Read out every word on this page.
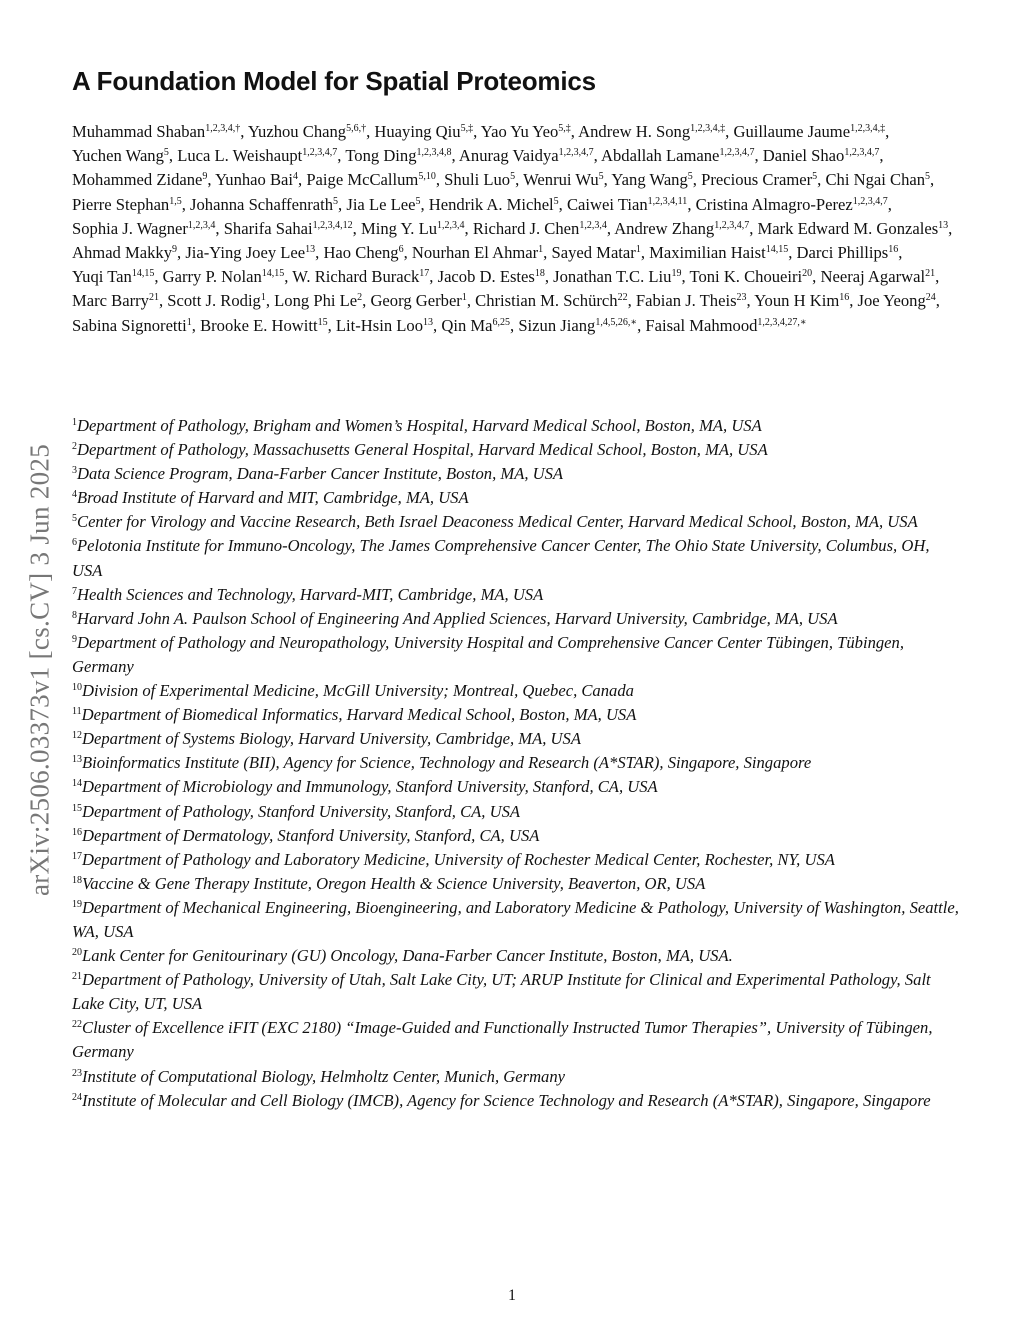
arXiv:2506.03373v1 [cs.CV] 3 Jun 2025
A Foundation Model for Spatial Proteomics
Muhammad Shaban$^{1,2,3,4,\dagger}$, Yuzhou Chang$^{5,6,\dagger}$, Huaying Qiu$^{5,\ddagger}$, Yao Yu Yeo$^{5,\ddagger}$, Andrew H. Song$^{1,2,3,4,\ddagger}$, Guillaume Jaume$^{1,2,3,4,\ddagger}$, Yuchen Wang$^5$, Luca L. Weishaupt$^{1,2,3,4,7}$, Tong Ding$^{1,2,3,4,8}$, Anurag Vaidya$^{1,2,3,4,7}$, Abdallah Lamane$^{1,2,3,4,7}$, Daniel Shao$^{1,2,3,4,7}$, Mohammed Zidane$^9$, Yunhao Bai$^4$, Paige McCallum$^{5,10}$, Shuli Luo$^5$, Wenrui Wu$^5$, Yang Wang$^5$, Precious Cramer$^5$, Chi Ngai Chan$^5$, Pierre Stephan$^{1,5}$, Johanna Schaffenrath$^5$, Jia Le Lee$^5$, Hendrik A. Michel$^5$, Caiwei Tian$^{1,2,3,4,11}$, Cristina Almagro-Perez$^{1,2,3,4,7}$, Sophia J. Wagner$^{1,2,3,4}$, Sharifa Sahai$^{1,2,3,4,12}$, Ming Y. Lu$^{1,2,3,4}$, Richard J. Chen$^{1,2,3,4}$, Andrew Zhang$^{1,2,3,4,7}$, Mark Edward M. Gonzales$^{13}$, Ahmad Makky$^9$, Jia-Ying Joey Lee$^{13}$, Hao Cheng$^6$, Nourhan El Ahmar$^1$, Sayed Matar$^1$, Maximilian Haist$^{14,15}$, Darci Phillips$^{16}$, Yuqi Tan$^{14,15}$, Garry P. Nolan$^{14,15}$, W. Richard Burack$^{17}$, Jacob D. Estes$^{18}$, Jonathan T.C. Liu$^{19}$, Toni K. Choueiri$^{20}$, Neeraj Agarwal$^{21}$, Marc Barry$^{21}$, Scott J. Rodig$^1$, Long Phi Le$^2$, Georg Gerber$^1$, Christian M. Schürch$^{22}$, Fabian J. Theis$^{23}$, Youn H Kim$^{16}$, Joe Yeong$^{24}$, Sabina Signoretti$^1$, Brooke E. Howitt$^{15}$, Lit-Hsin Loo$^{13}$, Qin Ma$^{6,25}$, Sizun Jiang$^{1,4,5,26,∗}$, Faisal Mahmood$^{1,2,3,4,27,∗}$
$^1$Department of Pathology, Brigham and Women’s Hospital, Harvard Medical School, Boston, MA, USA
$^2$Department of Pathology, Massachusetts General Hospital, Harvard Medical School, Boston, MA, USA
$^3$Data Science Program, Dana-Farber Cancer Institute, Boston, MA, USA
$^4$Broad Institute of Harvard and MIT, Cambridge, MA, USA
$^5$Center for Virology and Vaccine Research, Beth Israel Deaconess Medical Center, Harvard Medical School, Boston, MA, USA
$^6$Pelotonia Institute for Immuno-Oncology, The James Comprehensive Cancer Center, The Ohio State University, Columbus, OH, USA
$^7$Health Sciences and Technology, Harvard-MIT, Cambridge, MA, USA
$^8$Harvard John A. Paulson School of Engineering And Applied Sciences, Harvard University, Cambridge, MA, USA
$^9$Department of Pathology and Neuropathology, University Hospital and Comprehensive Cancer Center Tübingen, Tübingen, Germany
$^{10}$Division of Experimental Medicine, McGill University; Montreal, Quebec, Canada
$^{11}$Department of Biomedical Informatics, Harvard Medical School, Boston, MA, USA
$^{12}$Department of Systems Biology, Harvard University, Cambridge, MA, USA
$^{13}$Bioinformatics Institute (BII), Agency for Science, Technology and Research (A*STAR), Singapore, Singapore
$^{14}$Department of Microbiology and Immunology, Stanford University, Stanford, CA, USA
$^{15}$Department of Pathology, Stanford University, Stanford, CA, USA
$^{16}$Department of Dermatology, Stanford University, Stanford, CA, USA
$^{17}$Department of Pathology and Laboratory Medicine, University of Rochester Medical Center, Rochester, NY, USA
$^{18}$Vaccine & Gene Therapy Institute, Oregon Health & Science University, Beaverton, OR, USA
$^{19}$Department of Mechanical Engineering, Bioengineering, and Laboratory Medicine & Pathology, University of Washington, Seattle, WA, USA
$^{20}$Lank Center for Genitourinary (GU) Oncology, Dana-Farber Cancer Institute, Boston, MA, USA.
$^{21}$Department of Pathology, University of Utah, Salt Lake City, UT; ARUP Institute for Clinical and Experimental Pathology, Salt Lake City, UT, USA
$^{22}$Cluster of Excellence iFIT (EXC 2180) “Image-Guided and Functionally Instructed Tumor Therapies”, University of Tübingen, Germany
$^{23}$Institute of Computational Biology, Helmholtz Center, Munich, Germany
$^{24}$Institute of Molecular and Cell Biology (IMCB), Agency for Science Technology and Research (A*STAR), Singapore, Singapore
1
